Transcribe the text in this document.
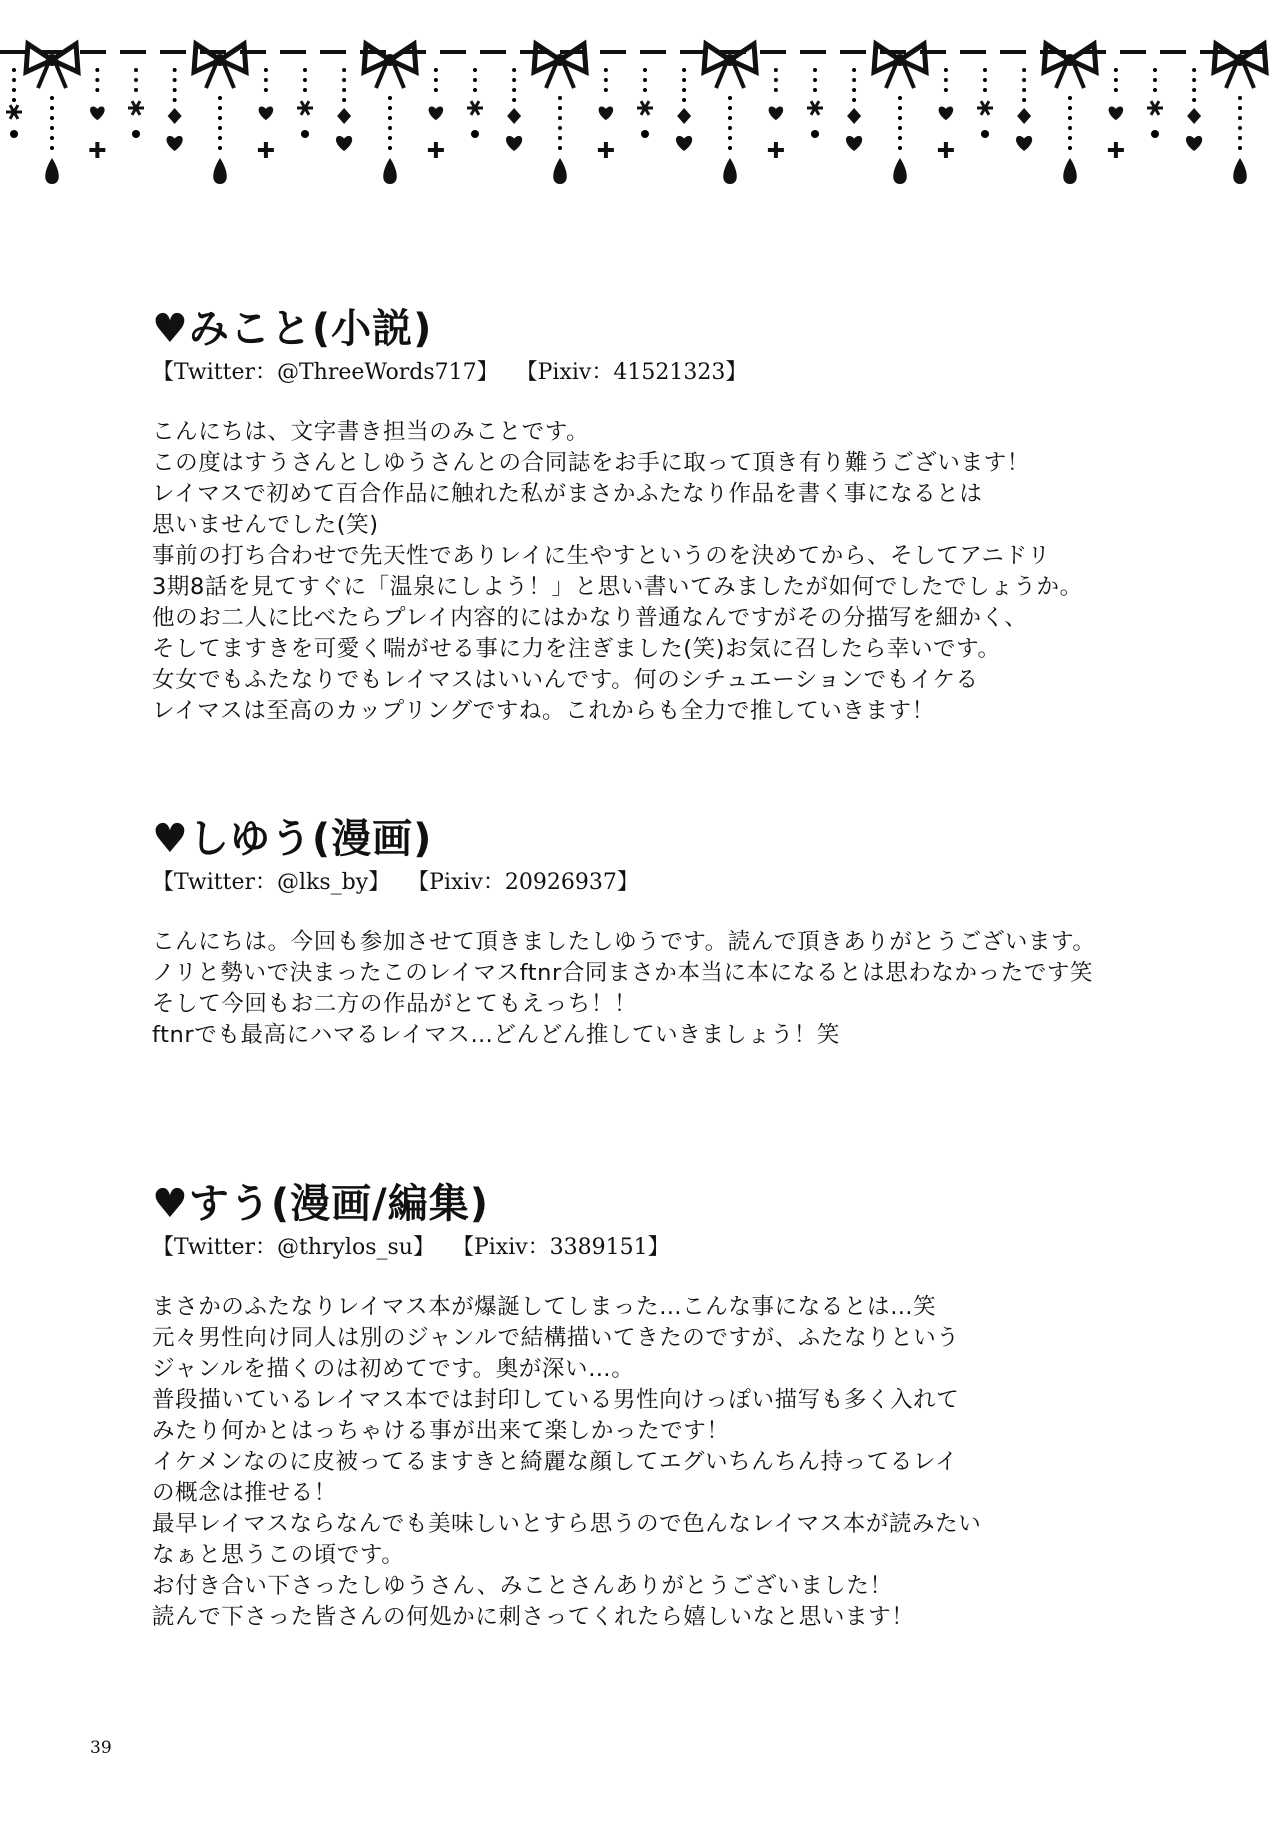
♥みこと(小説)
【Twitter：@ThreeWords717】 【Pixiv：41521323】
こんにちは、文字書き担当のみことです。
この度はすうさんとしゆうさんとの合同誌をお手に取って頂き有り難うございます！
レイマスで初めて百合作品に触れた私がまさかふたなり作品を書く事になるとは
思いませんでした(笑)
事前の打ち合わせで先天性でありレイに生やすというのを決めてから、そしてアニドリ
3期8話を見てすぐに「温泉にしよう！」と思い書いてみましたが如何でしたでしょうか。
他のお二人に比べたらプレイ内容的にはかなり普通なんですがその分描写を細かく、
そしてますきを可愛く喘がせる事に力を注ぎました(笑)お気に召したら幸いです。
女女でもふたなりでもレイマスはいいんです。何のシチュエーションでもイケる
レイマスは至高のカップリングですね。これからも全力で推していきます！
♥しゆう(漫画)
【Twitter：@lks_by】 【Pixiv：20926937】
こんにちは。今回も参加させて頂きましたしゆうです。読んで頂きありがとうございます。
ノリと勢いで決まったこのレイマスftnr合同まさか本当に本になるとは思わなかったです笑
そして今回もお二方の作品がとてもえっち！！
ftnrでも最高にハマるレイマス…どんどん推していきましょう！笑
♥すう(漫画/編集)
【Twitter：@thrylos_su】 【Pixiv：3389151】
まさかのふたなりレイマス本が爆誕してしまった…こんな事になるとは…笑
元々男性向け同人は別のジャンルで結構描いてきたのですが、ふたなりという
ジャンルを描くのは初めてです。奥が深い…。
普段描いているレイマス本では封印している男性向けっぽい描写も多く入れて
みたり何かとはっちゃける事が出来て楽しかったです！
イケメンなのに皮被ってるますきと綺麗な顔してエグいちんちん持ってるレイ
の概念は推せる！
最早レイマスならなんでも美味しいとすら思うので色んなレイマス本が読みたい
なぁと思うこの頃です。
お付き合い下さったしゆうさん、みことさんありがとうございました！
読んで下さった皆さんの何処かに刺さってくれたら嬉しいなと思います！
39
